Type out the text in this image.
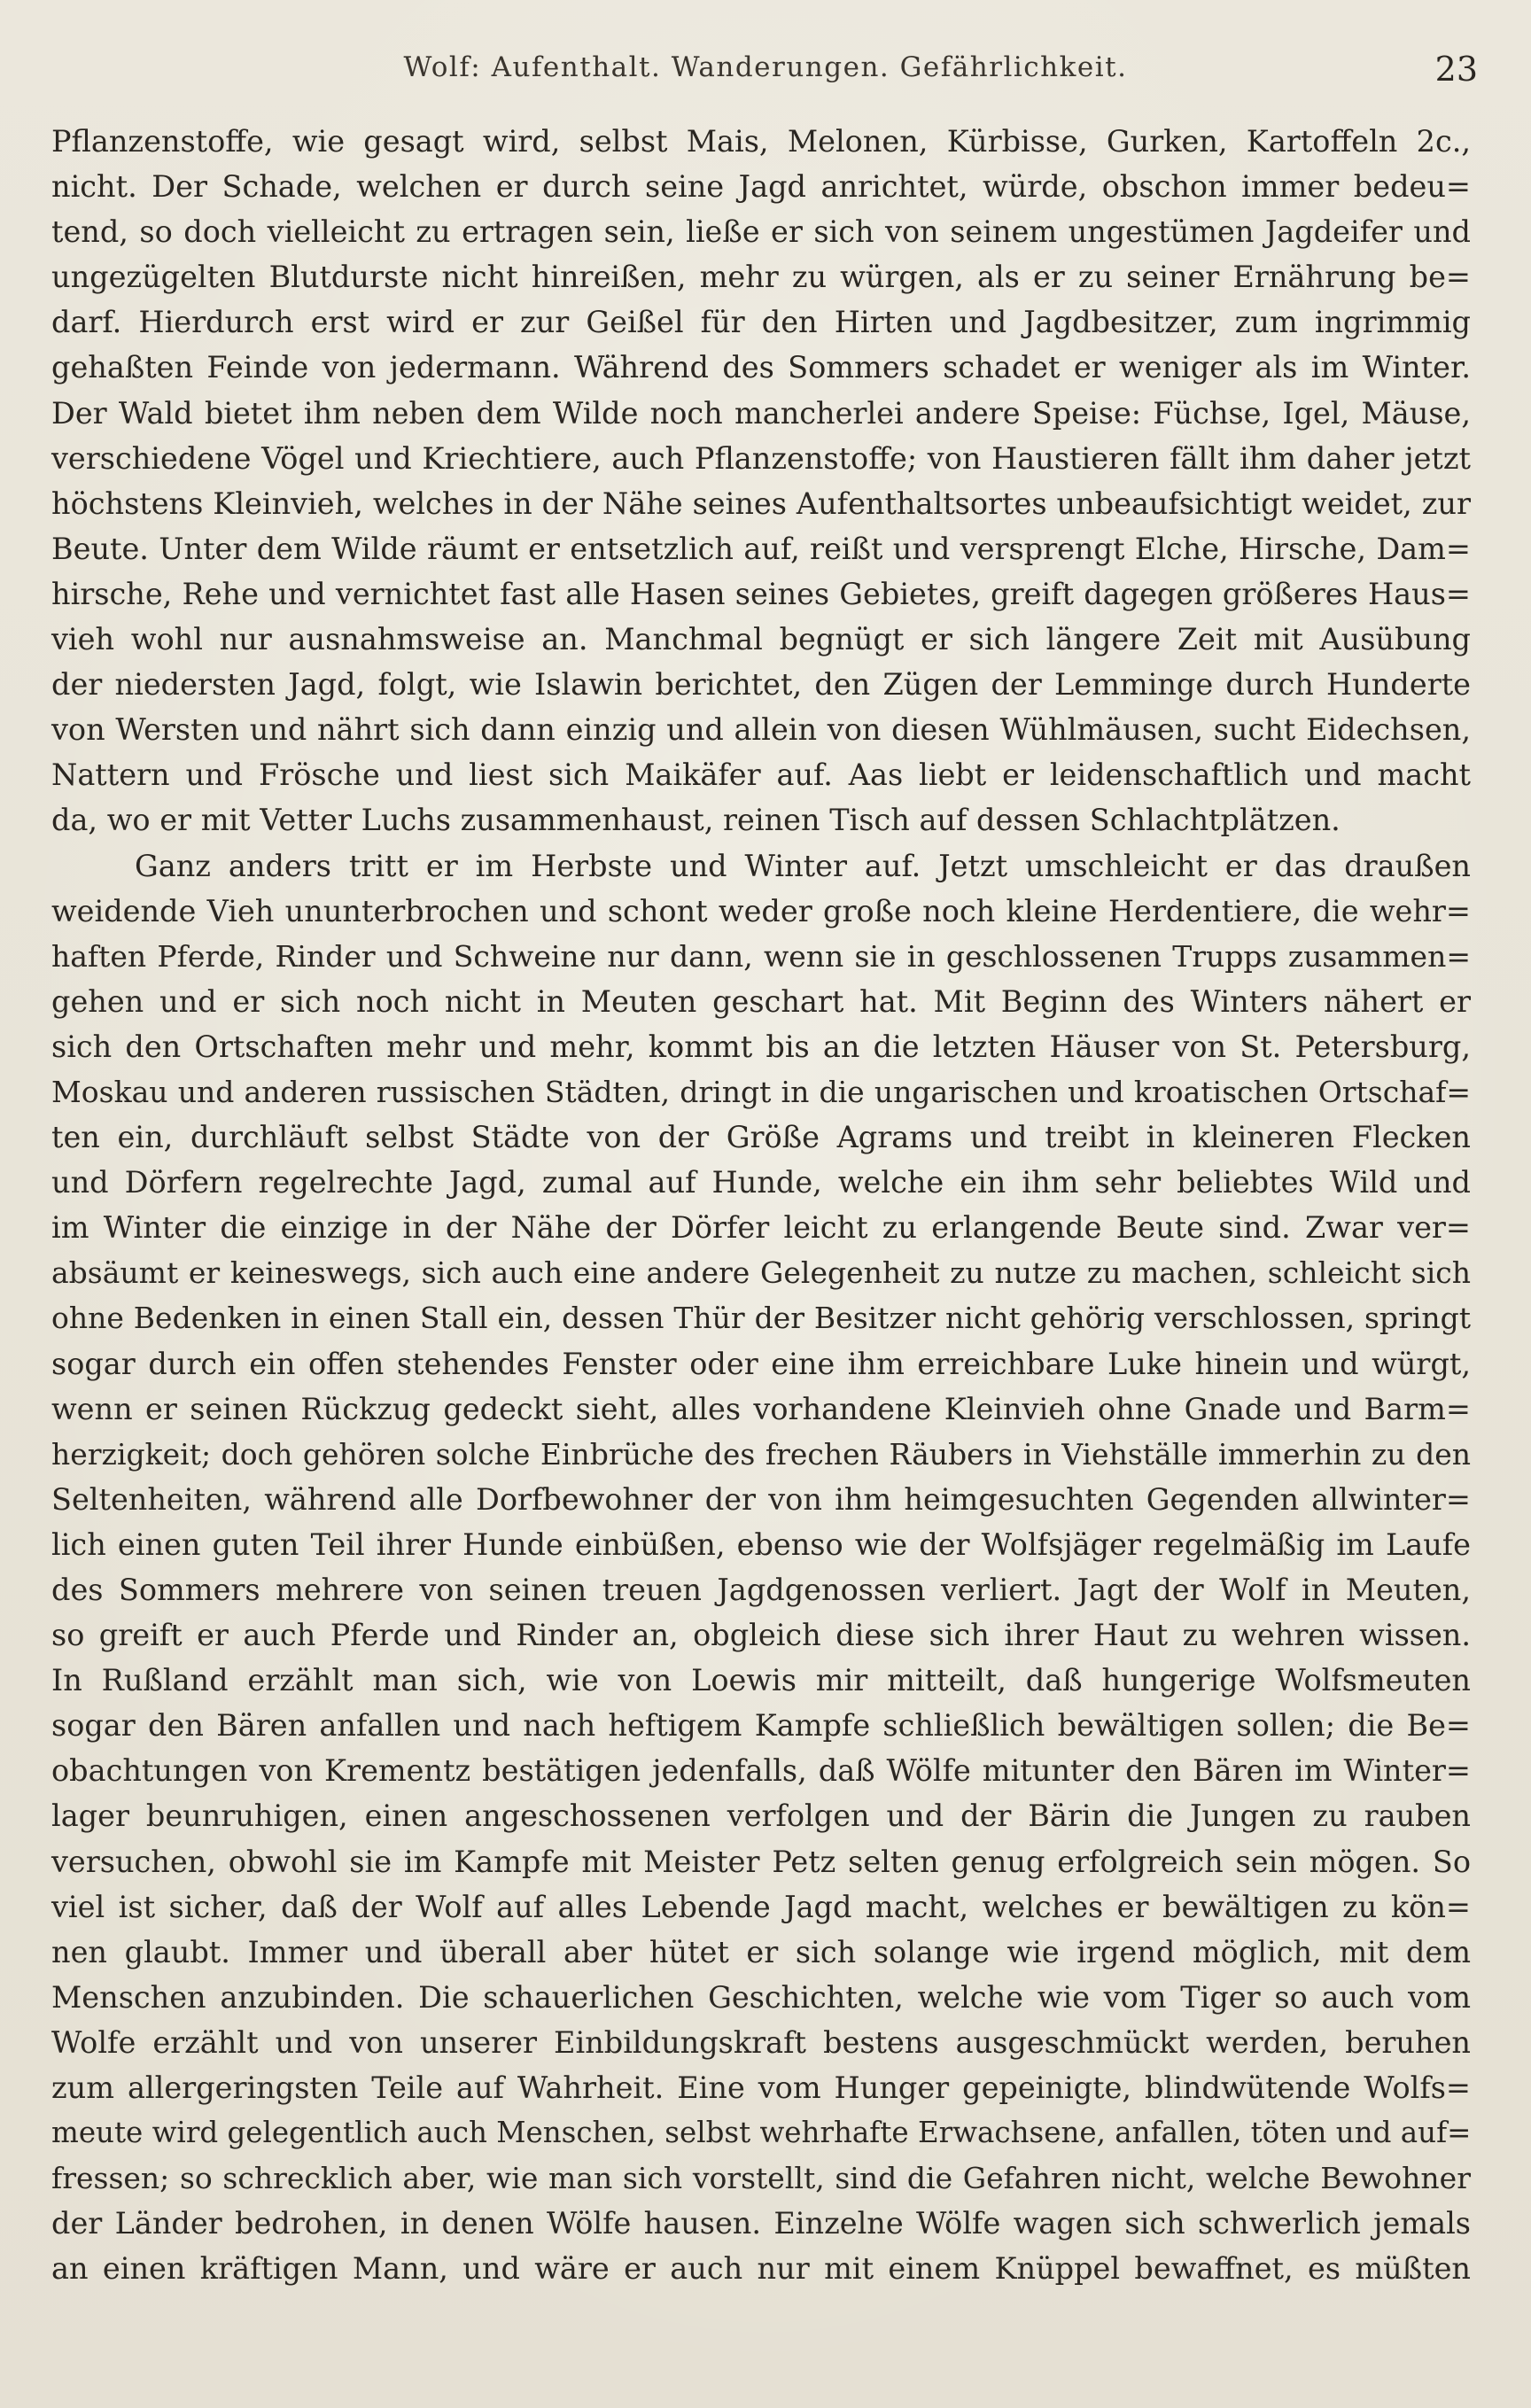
Wolf: Aufenthalt. Wanderungen. Gefährlichkeit.	23
Pflanzenstoffe, wie gesagt wird, selbst Mais, Melonen, Kürbisse, Gurken, Kartoffeln 2c.,
nicht. Der Schade, welchen er durch seine Jagd anrichtet, würde, obschon immer bedeu=
tend, so doch vielleicht zu ertragen sein, ließe er sich von seinem ungestümen Jagdeifer und
ungezügelten Blutdurste nicht hinreißen, mehr zu würgen, als er zu seiner Ernährung be=
darf. Hierdurch erst wird er zur Geißel für den Hirten und Jagdbesitzer, zum ingrimmig
gehaßten Feinde von jedermann. Während des Sommers schadet er weniger als im Winter.
Der Wald bietet ihm neben dem Wilde noch mancherlei andere Speise: Füchse, Igel, Mäuse,
verschiedene Vögel und Kriechtiere, auch Pflanzenstoffe; von Haustieren fällt ihm daher jetzt
höchstens Kleinvieh, welches in der Nähe seines Aufenthaltsortes unbeaufsichtigt weidet, zur
Beute. Unter dem Wilde räumt er entsetzlich auf, reißt und versprengt Elche, Hirsche, Dam=
hirsche, Rehe und vernichtet fast alle Hasen seines Gebietes, greift dagegen größeres Haus=
vieh wohl nur ausnahmsweise an. Manchmal begnügt er sich längere Zeit mit Ausübung
der niedersten Jagd, folgt, wie Islawin berichtet, den Zügen der Lemminge durch Hunderte
von Wersten und nährt sich dann einzig und allein von diesen Wühlmäusen, sucht Eidechsen,
Nattern und Frösche und liest sich Maikäfer auf. Aas liebt er leidenschaftlich und macht
da, wo er mit Vetter Luchs zusammenhaust, reinen Tisch auf dessen Schlachtplätzen.
Ganz anders tritt er im Herbste und Winter auf. Jetzt umschleicht er das draußen
weidende Vieh ununterbrochen und schont weder große noch kleine Herdentiere, die wehr=
haften Pferde, Rinder und Schweine nur dann, wenn sie in geschlossenen Trupps zusammen=
gehen und er sich noch nicht in Meuten geschart hat. Mit Beginn des Winters nähert er
sich den Ortschaften mehr und mehr, kommt bis an die letzten Häuser von St. Petersburg,
Moskau und anderen russischen Städten, dringt in die ungarischen und kroatischen Ortschaf=
ten ein, durchläuft selbst Städte von der Größe Agrams und treibt in kleineren Flecken
und Dörfern regelrechte Jagd, zumal auf Hunde, welche ein ihm sehr beliebtes Wild und
im Winter die einzige in der Nähe der Dörfer leicht zu erlangende Beute sind. Zwar ver=
absäumt er keineswegs, sich auch eine andere Gelegenheit zu nutze zu machen, schleicht sich
ohne Bedenken in einen Stall ein, dessen Thür der Besitzer nicht gehörig verschlossen, springt
sogar durch ein offen stehendes Fenster oder eine ihm erreichbare Luke hinein und würgt,
wenn er seinen Rückzug gedeckt sieht, alles vorhandene Kleinvieh ohne Gnade und Barm=
herzigkeit; doch gehören solche Einbrüche des frechen Räubers in Viehställe immerhin zu den
Seltenheiten, während alle Dorfbewohner der von ihm heimgesuchten Gegenden allwinter=
lich einen guten Teil ihrer Hunde einbüßen, ebenso wie der Wolfsjäger regelmäßig im Laufe
des Sommers mehrere von seinen treuen Jagdgenossen verliert. Jagt der Wolf in Meuten,
so greift er auch Pferde und Rinder an, obgleich diese sich ihrer Haut zu wehren wissen.
In Rußland erzählt man sich, wie von Loewis mir mitteilt, daß hungerige Wolfsmeuten
sogar den Bären anfallen und nach heftigem Kampfe schließlich bewältigen sollen; die Be=
obachtungen von Krementz bestätigen jedenfalls, daß Wölfe mitunter den Bären im Winter=
lager beunruhigen, einen angeschossenen verfolgen und der Bärin die Jungen zu rauben
versuchen, obwohl sie im Kampfe mit Meister Petz selten genug erfolgreich sein mögen. So
viel ist sicher, daß der Wolf auf alles Lebende Jagd macht, welches er bewältigen zu kön=
nen glaubt. Immer und überall aber hütet er sich solange wie irgend möglich, mit dem
Menschen anzubinden. Die schauerlichen Geschichten, welche wie vom Tiger so auch vom
Wolfe erzählt und von unserer Einbildungskraft bestens ausgeschmückt werden, beruhen
zum allergeringsten Teile auf Wahrheit. Eine vom Hunger gepeinigte, blindwütende Wolfs=
meute wird gelegentlich auch Menschen, selbst wehrhafte Erwachsene, anfallen, töten und auf=
fressen; so schrecklich aber, wie man sich vorstellt, sind die Gefahren nicht, welche Bewohner
der Länder bedrohen, in denen Wölfe hausen. Einzelne Wölfe wagen sich schwerlich jemals
an einen kräftigen Mann, und wäre er auch nur mit einem Knüppel bewaffnet, es müßten
